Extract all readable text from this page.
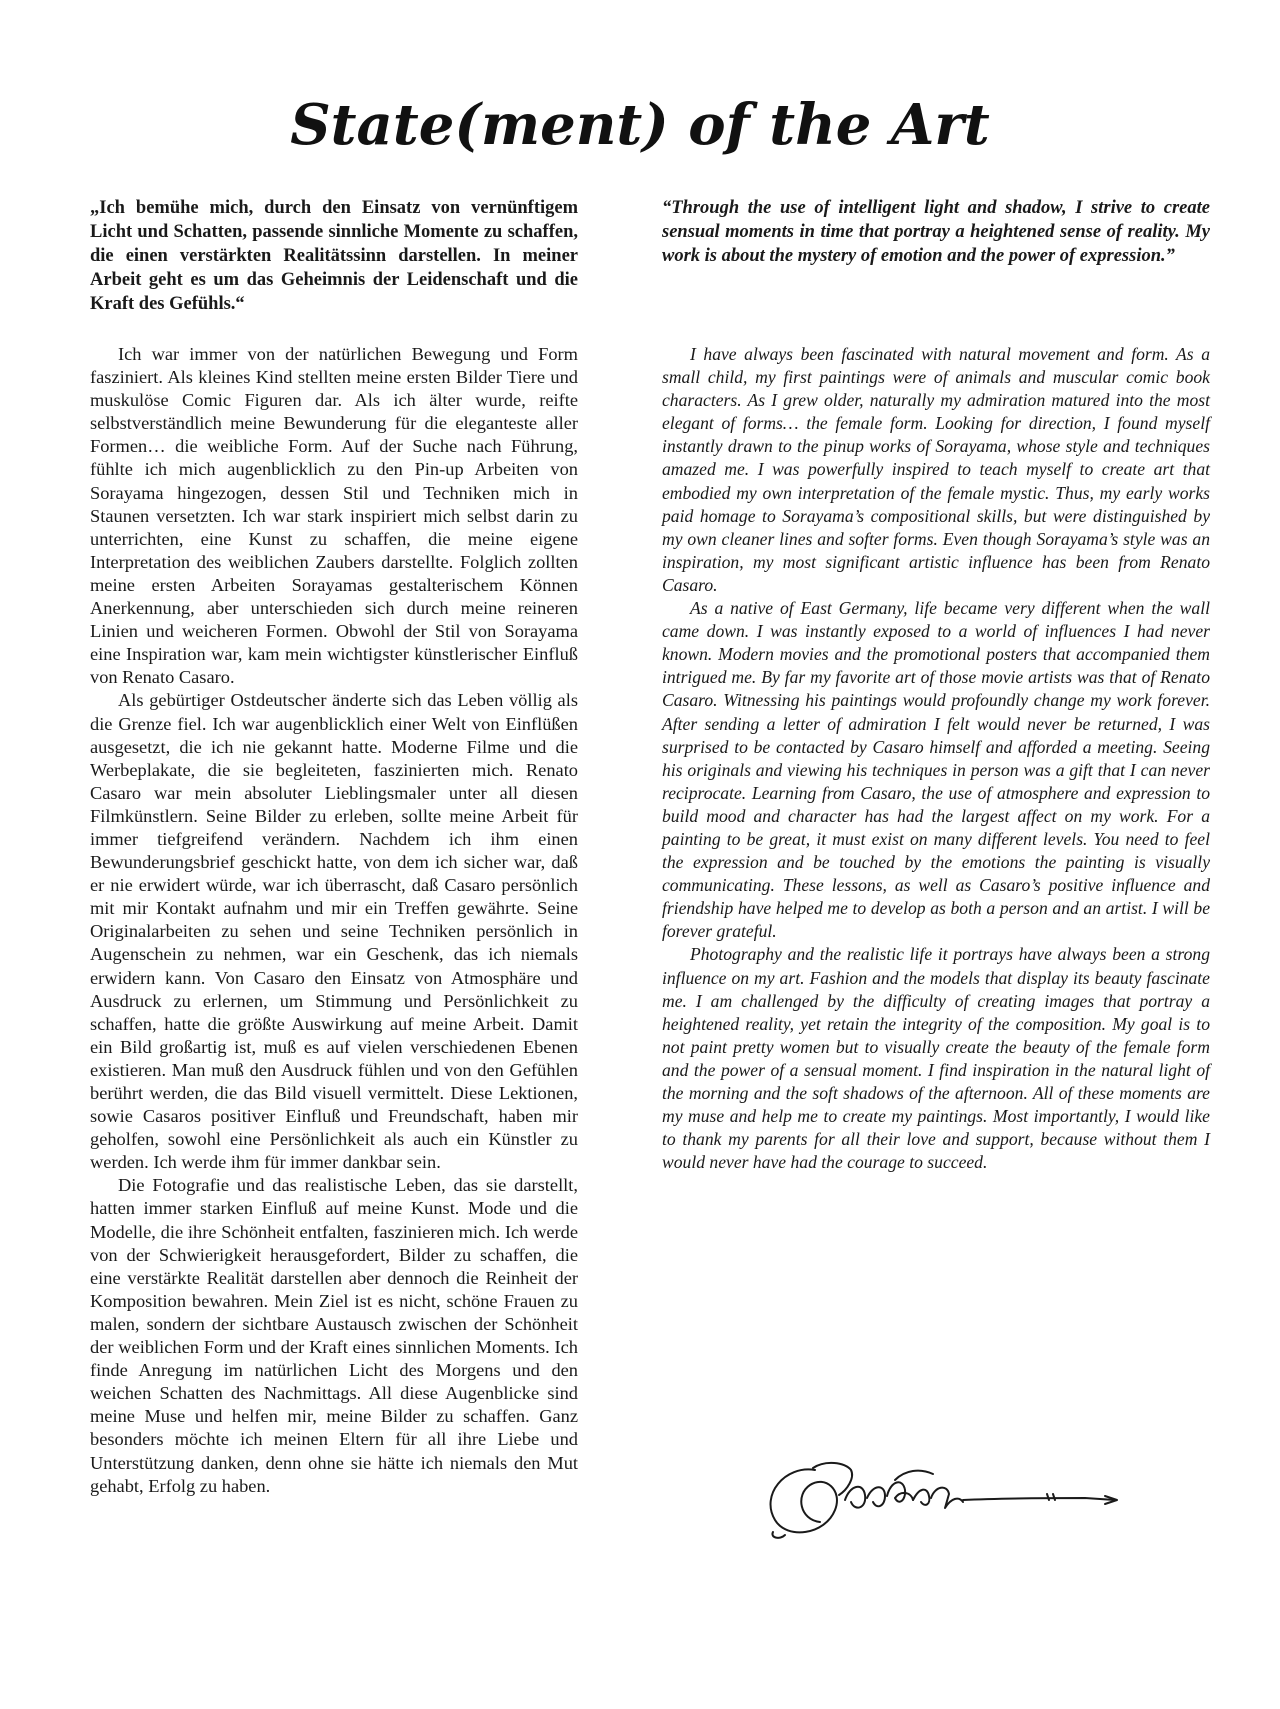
State(ment) of the Art

„Ich bemühe mich, durch den Einsatz von vernünftigem Licht und Schatten, passende sinnliche Momente zu schaffen, die einen verstärkten Realitätssinn darstellen. In meiner Arbeit geht es um das Geheimnis der Leidenschaft und die Kraft des Gefühls.“

Ich war immer von der natürlichen Bewegung und Form fasziniert. Als kleines Kind stellten meine ersten Bilder Tiere und muskulöse Comic Figuren dar. Als ich älter wurde, reifte selbstverständlich meine Bewunderung für die eleganteste aller Formen… die weibliche Form. Auf der Suche nach Führung, fühlte ich mich augenblicklich zu den Pin-up Arbeiten von Sorayama hingezogen, dessen Stil und Techniken mich in Staunen versetzten. Ich war stark inspiriert mich selbst darin zu unterrichten, eine Kunst zu schaffen, die meine eigene Interpretation des weiblichen Zaubers darstellte. Folglich zollten meine ersten Arbeiten Sorayamas gestalterischem Können Anerkennung, aber unterschieden sich durch meine reineren Linien und weicheren Formen. Obwohl der Stil von Sorayama eine Inspiration war, kam mein wichtigster künstlerischer Einfluß von Renato Casaro.

Als gebürtiger Ostdeutscher änderte sich das Leben völlig als die Grenze fiel. Ich war augenblicklich einer Welt von Einflüßen ausgesetzt, die ich nie gekannt hatte. Moderne Filme und die Werbeplakate, die sie begleiteten, faszinierten mich. Renato Casaro war mein absoluter Lieblingsmaler unter all diesen Filmkünstlern. Seine Bilder zu erleben, sollte meine Arbeit für immer tiefgreifend verändern. Nachdem ich ihm einen Bewunderungsbrief geschickt hatte, von dem ich sicher war, daß er nie erwidert würde, war ich überrascht, daß Casaro persönlich mit mir Kontakt aufnahm und mir ein Treffen gewährte. Seine Originalarbeiten zu sehen und seine Techniken persönlich in Augenschein zu nehmen, war ein Geschenk, das ich niemals erwidern kann. Von Casaro den Einsatz von Atmosphäre und Ausdruck zu erlernen, um Stimmung und Persönlichkeit zu schaffen, hatte die größte Auswirkung auf meine Arbeit. Damit ein Bild großartig ist, muß es auf vielen verschiedenen Ebenen existieren. Man muß den Ausdruck fühlen und von den Gefühlen berührt werden, die das Bild visuell vermittelt. Diese Lektionen, sowie Casaros positiver Einfluß und Freundschaft, haben mir geholfen, sowohl eine Persönlichkeit als auch ein Künstler zu werden. Ich werde ihm für immer dankbar sein.

Die Fotografie und das realistische Leben, das sie darstellt, hatten immer starken Einfluß auf meine Kunst. Mode und die Modelle, die ihre Schönheit entfalten, faszinieren mich. Ich werde von der Schwierigkeit herausgefordert, Bilder zu schaffen, die eine verstärkte Realität darstellen aber dennoch die Reinheit der Komposition bewahren. Mein Ziel ist es nicht, schöne Frauen zu malen, sondern der sichtbare Austausch zwischen der Schönheit der weiblichen Form und der Kraft eines sinnlichen Moments. Ich finde Anregung im natürlichen Licht des Morgens und den weichen Schatten des Nachmittags. All diese Augenblicke sind meine Muse und helfen mir, meine Bilder zu schaffen. Ganz besonders möchte ich meinen Eltern für all ihre Liebe und Unterstützung danken, denn ohne sie hätte ich niemals den Mut gehabt, Erfolg zu haben.

“Through the use of intelligent light and shadow, I strive to create sensual moments in time that portray a heightened sense of reality. My work is about the mystery of emotion and the power of expression.”

I have always been fascinated with natural movement and form. As a small child, my first paintings were of animals and muscular comic book characters. As I grew older, naturally my admiration matured into the most elegant of forms… the female form. Looking for direction, I found myself instantly drawn to the pinup works of Sorayama, whose style and techniques amazed me. I was powerfully inspired to teach myself to create art that embodied my own interpretation of the female mystic. Thus, my early works paid homage to Sorayama’s compositional skills, but were distinguished by my own cleaner lines and softer forms. Even though Sorayama’s style was an inspiration, my most significant artistic influence has been from Renato Casaro.

As a native of East Germany, life became very different when the wall came down. I was instantly exposed to a world of influences I had never known. Modern movies and the promotional posters that accompanied them intrigued me. By far my favorite art of those movie artists was that of Renato Casaro. Witnessing his paintings would profoundly change my work forever. After sending a letter of admiration I felt would never be returned, I was surprised to be contacted by Casaro himself and afforded a meeting. Seeing his originals and viewing his techniques in person was a gift that I can never reciprocate. Learning from Casaro, the use of atmosphere and expression to build mood and character has had the largest affect on my work. For a painting to be great, it must exist on many different levels. You need to feel the expression and be touched by the emotions the painting is visually communicating. These lessons, as well as Casaro’s positive influence and friendship have helped me to develop as both a person and an artist. I will be forever grateful.

Photography and the realistic life it portrays have always been a strong influence on my art. Fashion and the models that display its beauty fascinate me. I am challenged by the difficulty of creating images that portray a heightened reality, yet retain the integrity of the composition. My goal is to not paint pretty women but to visually create the beauty of the female form and the power of a sensual moment. I find inspiration in the natural light of the morning and the soft shadows of the afternoon. All of these moments are my muse and help me to create my paintings. Most importantly, I would like to thank my parents for all their love and support, because without them I would never have had the courage to succeed.
